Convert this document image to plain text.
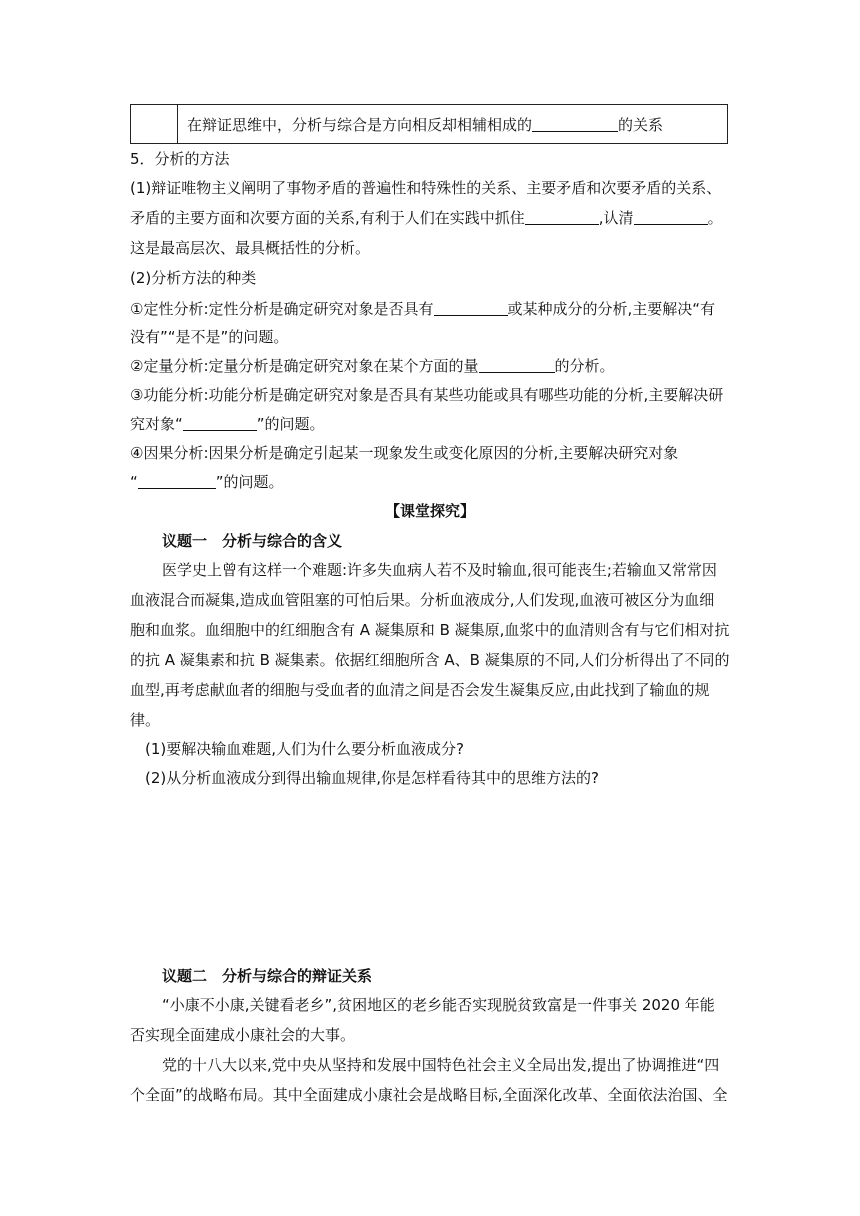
在辩证思维中，分析与综合是方向相反却相辅相成的	的关系
5．分析的方法
(1)辩证唯物主义阐明了事物矛盾的普遍性和特殊性的关系、主要矛盾和次要矛盾的关系、
矛盾的主要方面和次要方面的关系,有利于人们在实践中抓住	,认清	。
这是最高层次、最具概括性的分析。
(2)分析方法的种类
①定性分析:定性分析是确定研究对象是否具有	或某种成分的分析,主要解决“有
没有”“是不是”的问题。
②定量分析:定量分析是确定研究对象在某个方面的量	的分析。
③功能分析:功能分析是确定研究对象是否具有某些功能或具有哪些功能的分析,主要解决研
究对象“	”的问题。
④因果分析:因果分析是确定引起某一现象发生或变化原因的分析,主要解决研究对象
“	”的问题。
【课堂探究】
议题一　分析与综合的含义
医学史上曾有这样一个难题:许多失血病人若不及时输血,很可能丧生;若输血又常常因
血液混合而凝集,造成血管阻塞的可怕后果。分析血液成分,人们发现,血液可被区分为血细
胞和血浆。血细胞中的红细胞含有 A 凝集原和 B 凝集原,血浆中的血清则含有与它们相对抗
的抗 A 凝集素和抗 B 凝集素。依据红细胞所含 A、B 凝集原的不同,人们分析得出了不同的
血型,再考虑献血者的细胞与受血者的血清之间是否会发生凝集反应,由此找到了输血的规
律。
(1)要解决输血难题,人们为什么要分析血液成分?
(2)从分析血液成分到得出输血规律,你是怎样看待其中的思维方法的?
议题二　分析与综合的辩证关系
“小康不小康,关键看老乡”,贫困地区的老乡能否实现脱贫致富是一件事关 2020 年能
否实现全面建成小康社会的大事。
党的十八大以来,党中央从坚持和发展中国特色社会主义全局出发,提出了协调推进“四
个全面”的战略布局。其中全面建成小康社会是战略目标,全面深化改革、全面依法治国、全
